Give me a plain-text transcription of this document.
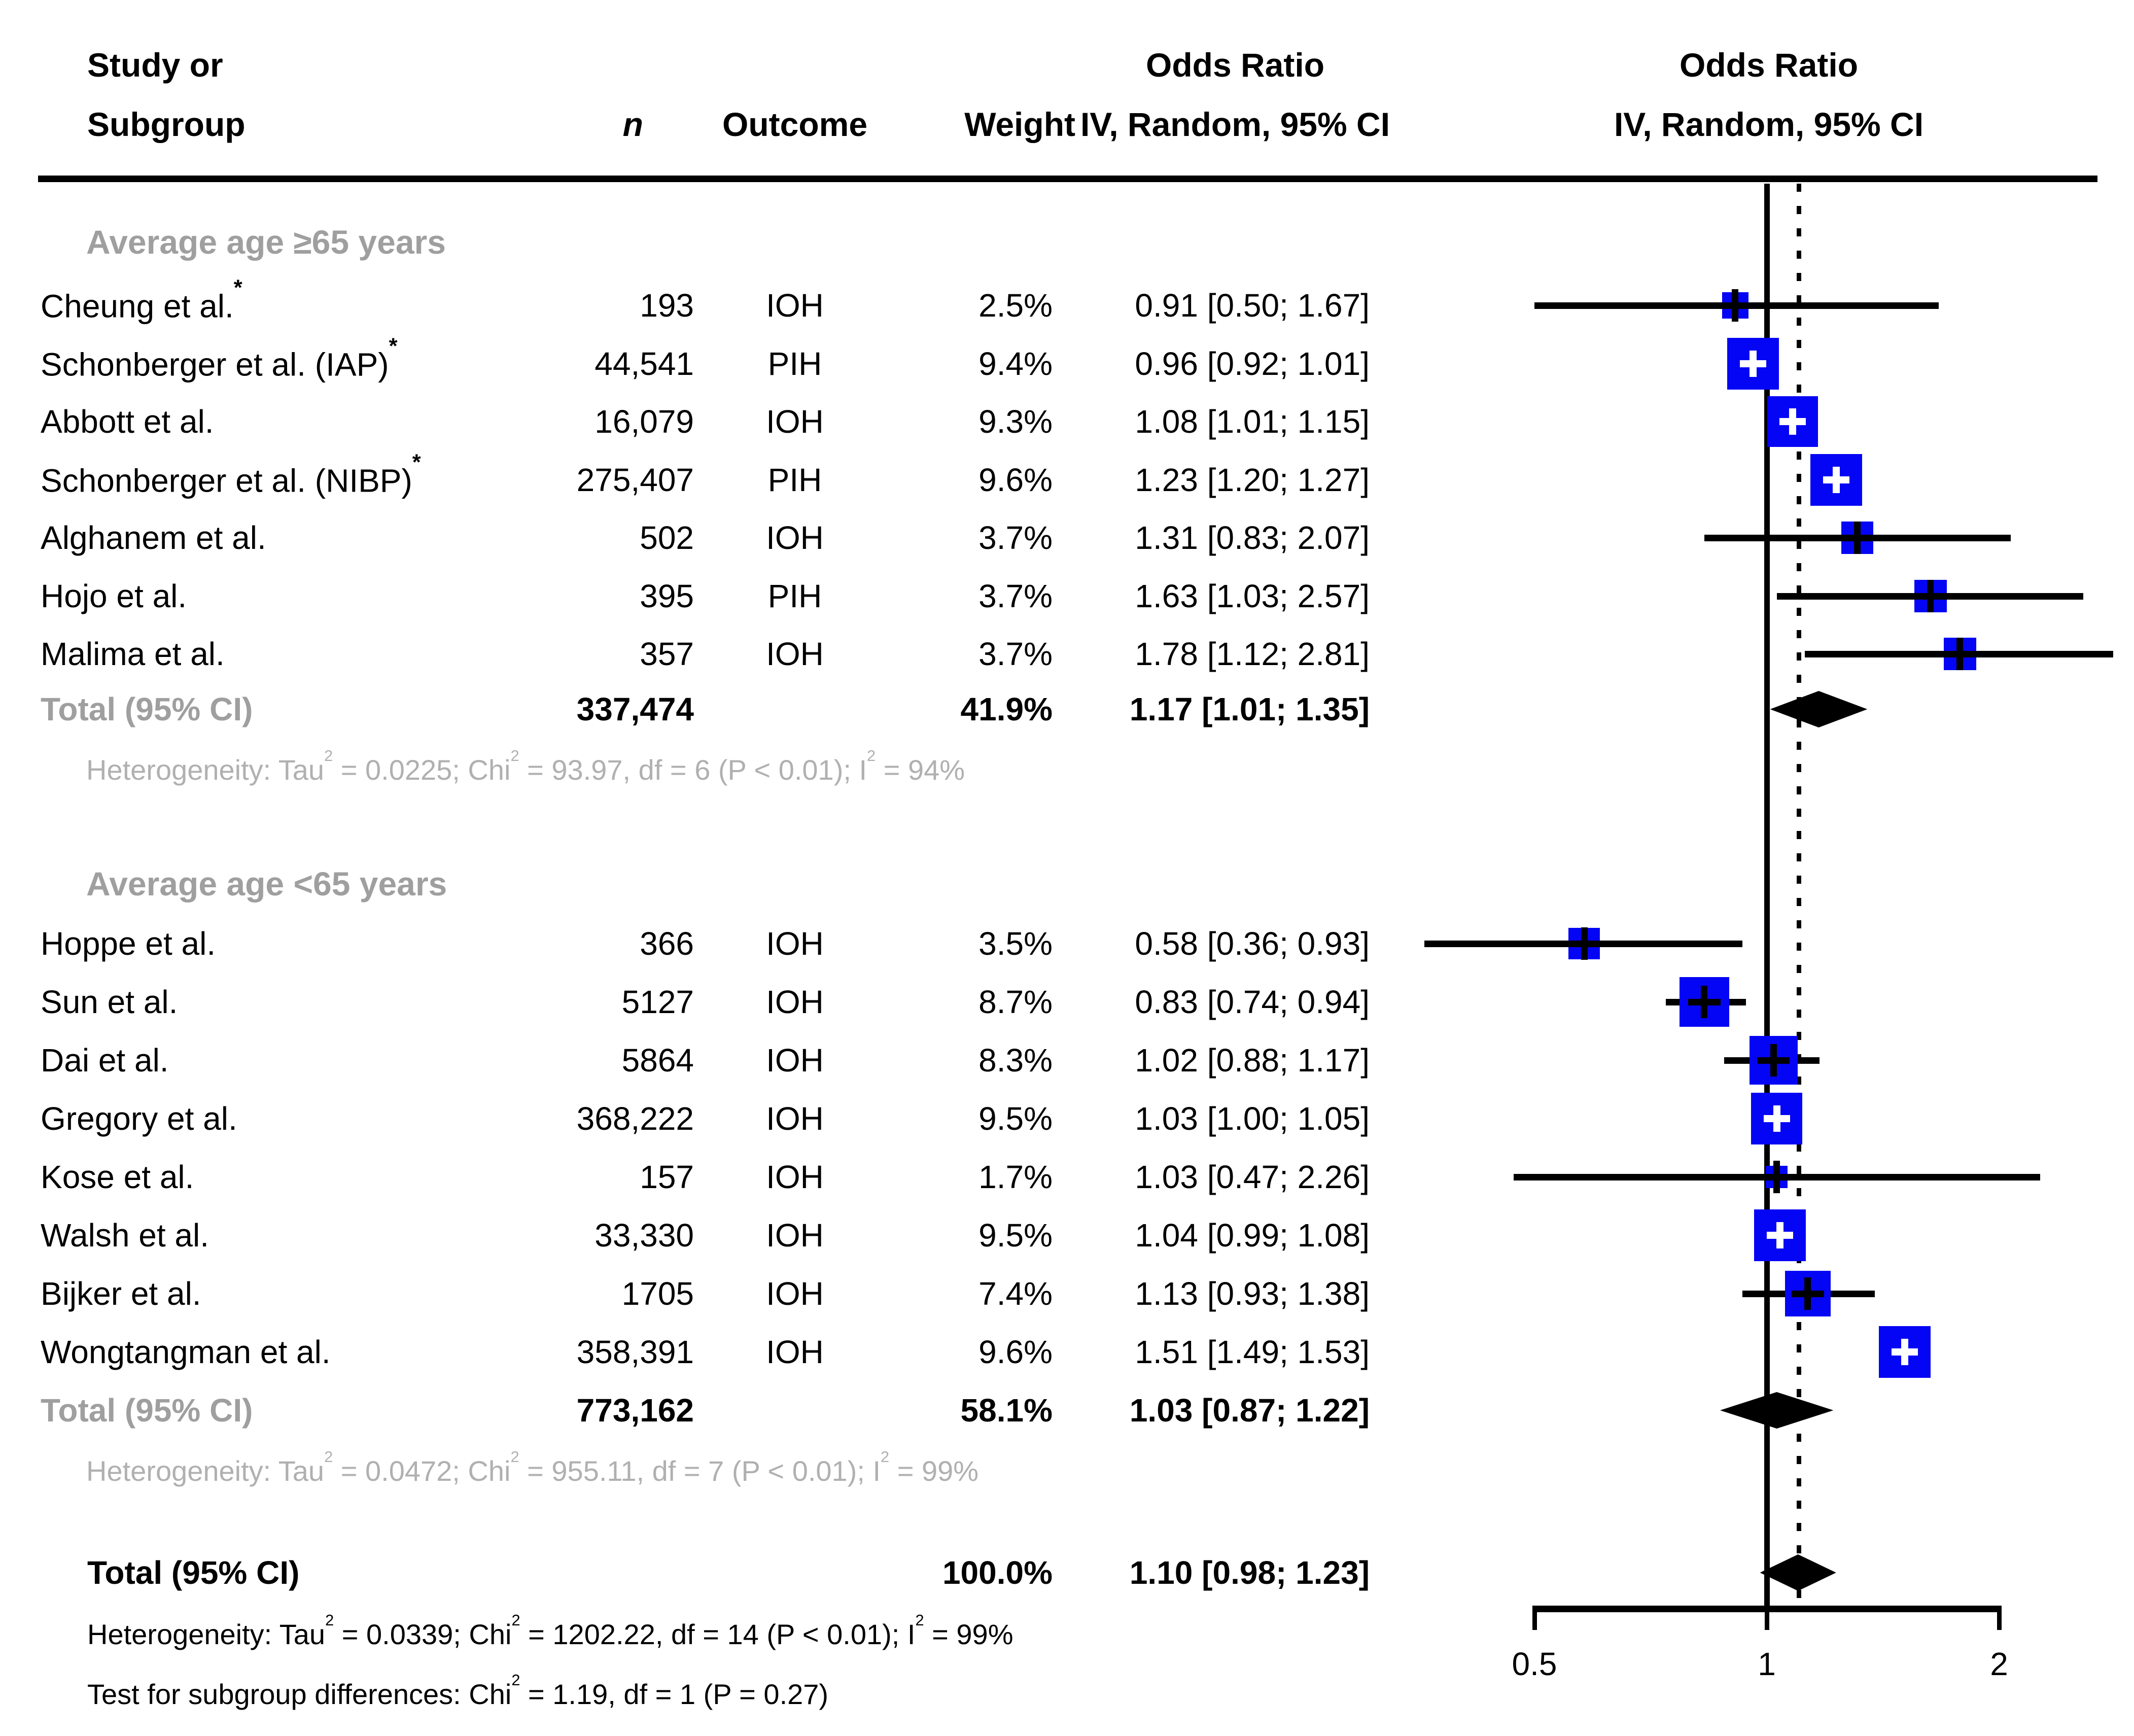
Study or
Subgroup	n Outcome	Weight
Odds Ratio
IV, Random, 95% CI
Odds Ratio
IV, Random, 95% CI
Average age ≥65 years
Cheung et al.*	193 IOH	2.5%	0.91 [0.50; 1.67]
Schonberger et al. (IAP)*	44,541 PIH	9.4%	0.96 [0.92; 1.01]
Abbott et al.	16,079 IOH	9.3%	1.08 [1.01; 1.15]
Schonberger et al. (NIBP)*	275,407 PIH	9.6%	1.23 [1.20; 1.27]
Alghanem et al.	502 IOH	3.7%	1.31 [0.83; 2.07]
Hojo et al.	395 PIH	3.7%	1.63 [1.03; 2.57]
Malima et al.	357 IOH	3.7%	1.78 [1.12; 2.81]
Total (95% CI)	337,474	41.9% 1.17 [1.01; 1.35]
Heterogeneity: Tau$^2$ = 0.0225; Chi$^2$ = 93.97, df = 6 (P < 0.01); $I^2 = 94\%$
Average age <65 years
Hoppe et al.	366 IOH	3.5%	0.58 [0.36; 0.93]
Sun et al.	5127 IOH	8.7%	0.83 [0.74; 0.94]
Dai et al.	5864 IOH	8.3%	1.02 [0.88; 1.17]
Gregory et al.	368,222 IOH	9.5%	1.03 [1.00; 1.05]
Kose et al.	157 IOH	1.7%	1.03 [0.47; 2.26]
Walsh et al.	33,330 IOH	9.5%	1.04 [0.99; 1.08]
Bijker et al.	1705 IOH	7.4%	1.13 [0.93; 1.38]
Wongtangman et al.	358,391 IOH	9.6%	1.51 [1.49; 1.53]
Total (95% CI)	773,162	58.1% 1.03 [0.87; 1.22]
Heterogeneity: Tau$^2$ = 0.0472; Chi$^2$ = 955.11, df = 7 (P < 0.01); $I^2 = 99\%$
Total (95% CI)	100.0% 1.10 [0.98; 1.23]
Heterogeneity: Tau$^2$ = 0.0339; Chi$^2$ = 1202.22, df = 14 (P < 0.01); $I^2 = 99\%$
Test for subgroup differences: Chi$^2$ = 1.19, df = 1 (P = 0.27)
0.5	1	2
